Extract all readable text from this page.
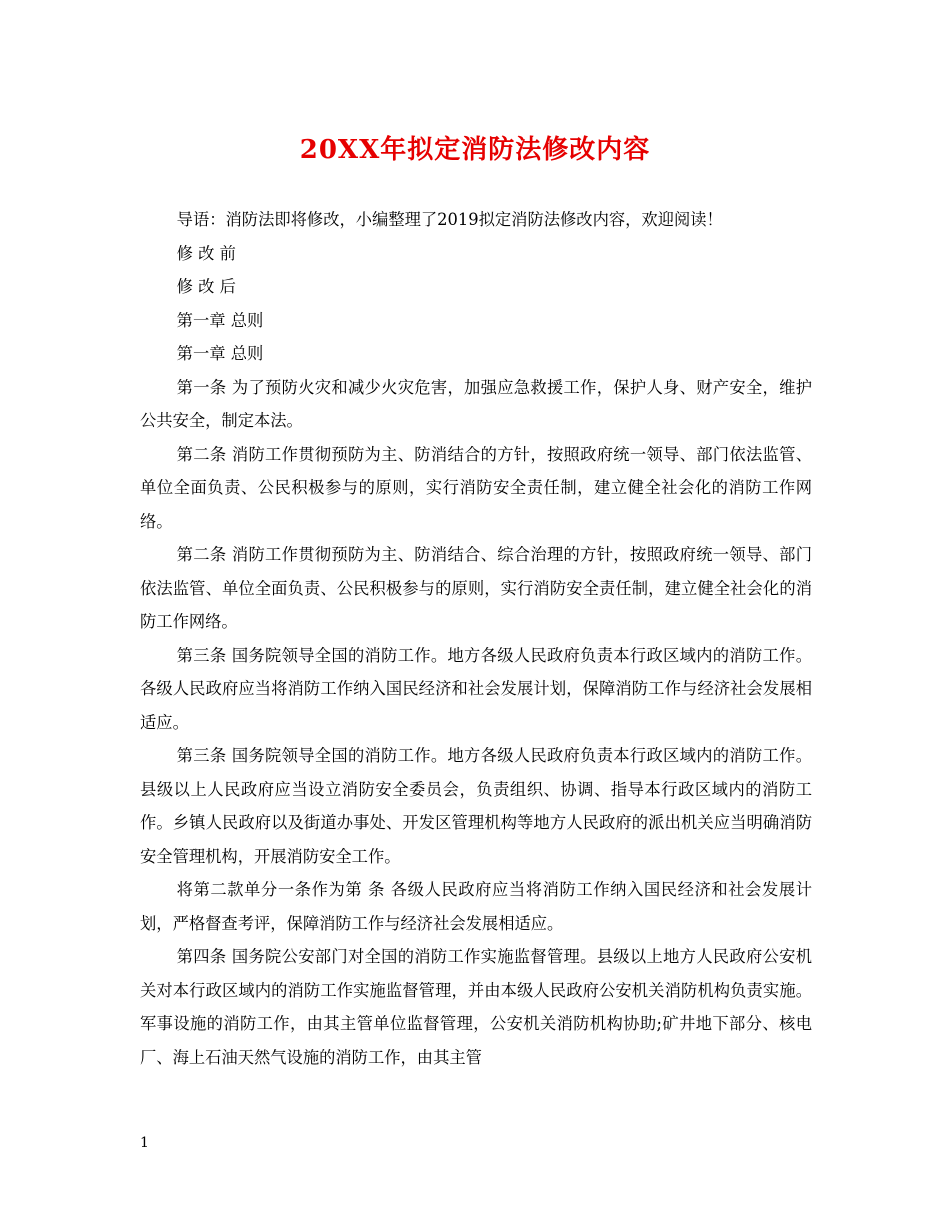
20XX年拟定消防法修改内容

导语：消防法即将修改，小编整理了2019拟定消防法修改内容，欢迎阅读！

修 改 前

修 改 后

第一章 总则

第一章 总则

第一条 为了预防火灾和减少火灾危害，加强应急救援工作，保护人身、财产安全，维护公共安全，制定本法。

第二条 消防工作贯彻预防为主、防消结合的方针，按照政府统一领导、部门依法监管、单位全面负责、公民积极参与的原则，实行消防安全责任制，建立健全社会化的消防工作网络。

第二条 消防工作贯彻预防为主、防消结合、综合治理的方针，按照政府统一领导、部门依法监管、单位全面负责、公民积极参与的原则，实行消防安全责任制，建立健全社会化的消防工作网络。

第三条 国务院领导全国的消防工作。地方各级人民政府负责本行政区域内的消防工作。各级人民政府应当将消防工作纳入国民经济和社会发展计划，保障消防工作与经济社会发展相适应。

第三条 国务院领导全国的消防工作。地方各级人民政府负责本行政区域内的消防工作。县级以上人民政府应当设立消防安全委员会，负责组织、协调、指导本行政区域内的消防工作。乡镇人民政府以及街道办事处、开发区管理机构等地方人民政府的派出机关应当明确消防安全管理机构，开展消防安全工作。

将第二款单分一条作为第 条 各级人民政府应当将消防工作纳入国民经济和社会发展计划，严格督查考评，保障消防工作与经济社会发展相适应。

第四条 国务院公安部门对全国的消防工作实施监督管理。县级以上地方人民政府公安机关对本行政区域内的消防工作实施监督管理，并由本级人民政府公安机关消防机构负责实施。军事设施的消防工作，由其主管单位监督管理，公安机关消防机构协助;矿井地下部分、核电厂、海上石油天然气设施的消防工作，由其主管

1
